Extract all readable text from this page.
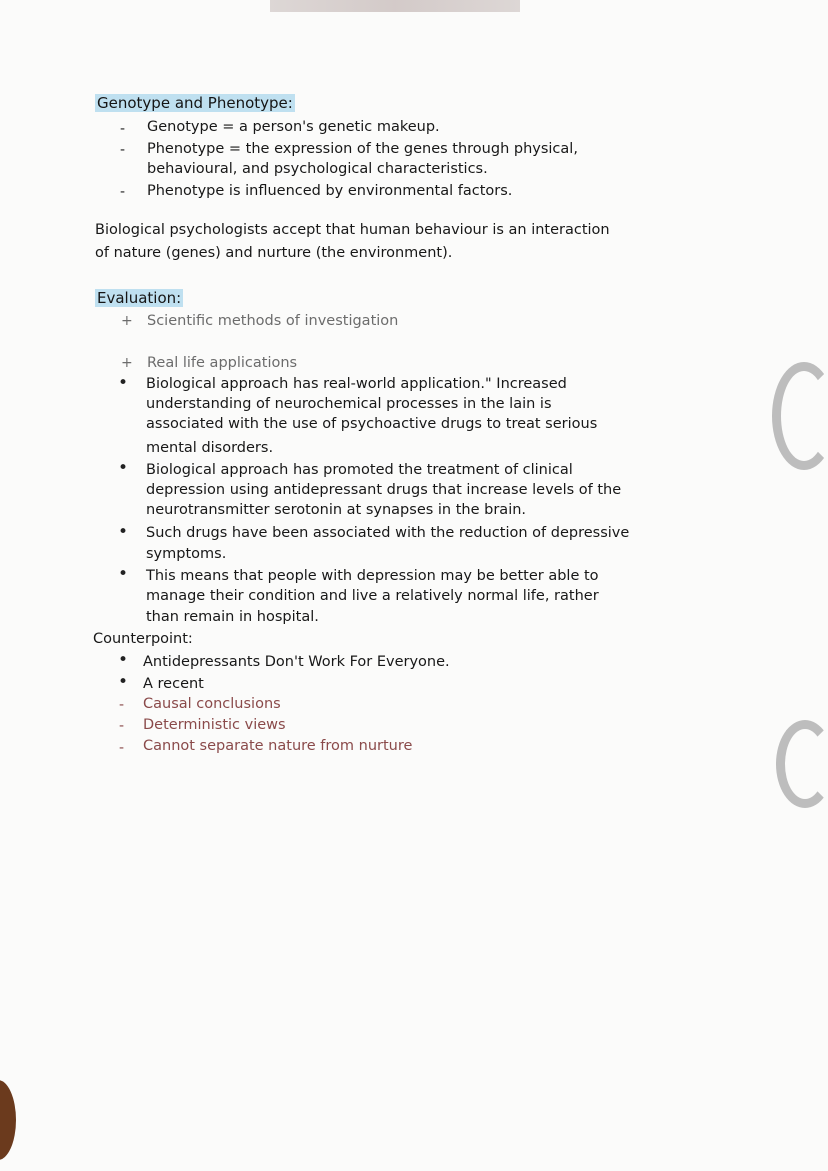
Genotype and Phenotype:
- Genotype = a person's genetic makeup.
- Phenotype = the expression of the genes through physical,
behavioural, and psychological characteristics.
- Phenotype is influenced by environmental factors.
Biological psychologists accept that human behaviour is an interaction
of nature (genes) and nurture (the environment).
Evaluation:
+ Scientific methods of investigation
+ Real life applications
• Biological approach has real-world application." Increased
understanding of neurochemical processes in the lain is
associated with the use of psychoactive drugs to treat serious
mental disorders.
• Biological approach has promoted the treatment of clinical
depression using antidepressant drugs that increase levels of the
neurotransmitter serotonin at synapses in the brain.
• Such drugs have been associated with the reduction of depressive
symptoms.
• This means that people with depression may be better able to
manage their condition and live a relatively normal life, rather
than remain in hospital.
Counterpoint:
• Antidepressants Don't Work For Everyone.
• A recent
- Causal conclusions
- Deterministic views
- Cannot separate nature from nurture
